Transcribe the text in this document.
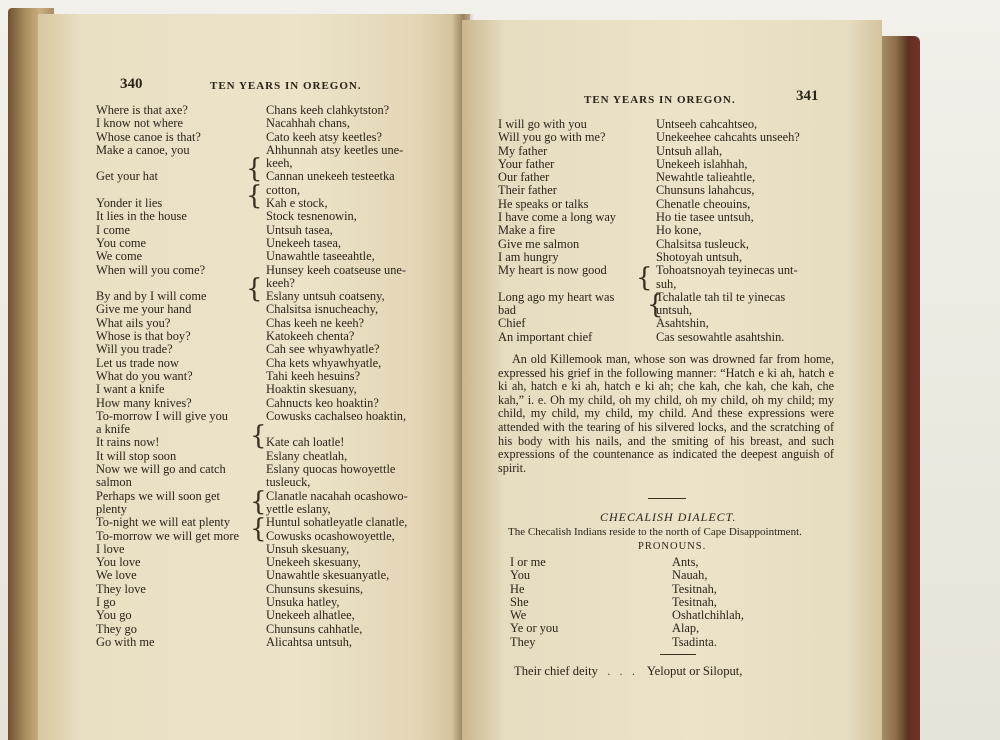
340	TEN YEARS IN OREGON.
Where is that axe?	Chans keeh clahkytston?
I know not where	Nacahhah chans,
Whose canoe is that?	Cato keeh atsy keetles?
Make a canoe, you	Ahhunnah atsy keetles une-
keeh,
Get your hat	Cannan unekeeh testeetka
cotton,
Yonder it lies	Kah e stock,
It lies in the house	Stock tesnenowin,
I come	Untsuh tasea,
You come	Unekeeh tasea,
We come	Unawahtle taseeahtle,
When will you come?	Hunsey keeh coatseuse une-
keeh?
By and by I will come	Eslany untsuh coatseny,
Give me your hand	Chalsitsa isnucheachy,
What ails you?	Chas keeh ne keeh?
Whose is that boy?	Katokeeh chenta?
Will you trade?	Cah see whyawhyatle?
Let us trade now	Cha kets whyawhyatle,
What do you want?	Tahi keeh hesuins?
I want a knife	Hoaktin skesuany,
How many knives?	Cahnucts keo hoaktin?
To-morrow I will give you	Cowusks cachalseo hoaktin,
a knife
It rains now!	Kate cah loatle!
It will stop soon	Eslany cheatlah,
Now we will go and catch	Eslany quocas howoyettle
salmon	tusleuck,
Perhaps we will soon get	Clanatle nacahah ocashowo-
plenty	yettle eslany,
To-night we will eat plenty	Huntul sohatleyatle clanatle,
To-morrow we will get more Cowusks ocashowoyettle,
I love	Unsuh skesuany,
You love	Unekeeh skesuany,
We love	Unawahtle skesuanyatle,
They love	Chunsuns skesuins,
I go	Unsuka hatley,
You go	Unekeeh alhatlee,
They go	Chunsuns cahhatle,
Go with me	Alicahtsa untsuh,
{
{
{
{
{
{
TEN YEARS IN OREGON.	341
I will go with you	Untseeh cahcahtseo,
Will you go with me?	Unekeehee cahcahts unseeh?
My father	Untsuh allah,
Your father	Unekeeh islahhah,
Our father	Newahtle taliеahtle,
Their father	Chunsuns lahahcus,
He speaks or talks	Chenatle cheouins,
I have come a long way	Ho tie tasee untsuh,
Make a fire	Ho kone,
Give me salmon	Chalsitsa tusleuck,
I am hungry	Shotoyah untsuh,
My heart is now good	Tohoatsnoyah teyinecas unt-
suh,
Long ago my heart was	Tchalatle tah til te yinecas
bad	untsuh,
Chief	Asahtshin,
An important chief	Cas sesowahtle asahtshin.
{
{

An old Killemook man, whose son was drowned far from home, expressed his grief in the following manner: “Hatch e ki ah, hatch e ki ah, hatch e ki ah, hatch e ki ah; che kah, che kah, che kah, che kah,” i. e. Oh my child, oh my child, oh my child, oh my child; my child, my child, my child, my child. And these expressions were attended with the tearing of his silvered locks, and the scratching of his body with his nails, and the smiting of his breast, and such expressions of the countenance as indicated the deepest anguish of spirit.

CHECALISH DIALECT.
The Checalish Indians reside to the north of Cape Disappointment.
PRONOUNS.
I or me	Ants,
You	Nauah,
He	Tesitnah,
She	Tesitnah,
We	Oshatlchihlah,
Ye or you	Alap,
They	Tsadinta.
Their chief deity  . . .  Yeloput or Siloput,
